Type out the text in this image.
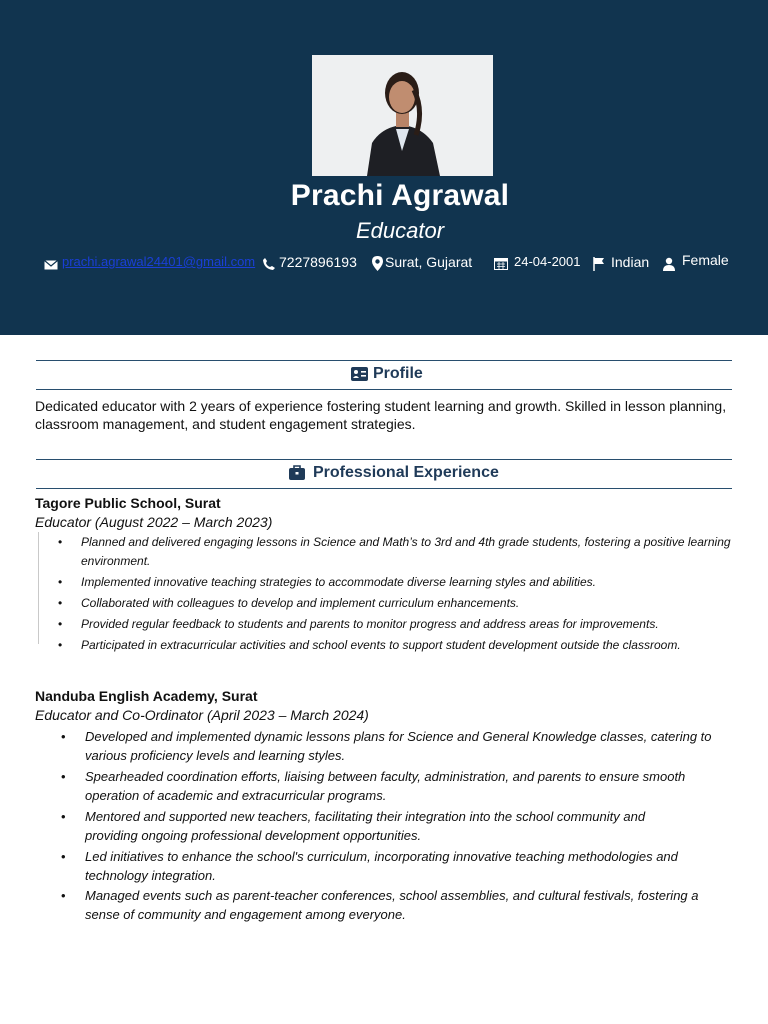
Prachi Agrawal
Educator
prachi.agrawal24401@gmail.com 7227896193 Surat, Gujarat	24-04-2001 Indian Female
Profile
Dedicated educator with 2 years of experience fostering student learning and growth. Skilled in lesson planning,
classroom management, and student engagement strategies.
Professional Experience
Tagore Public School, Surat
Educator (August 2022 – March 2023)
• Planned and delivered engaging lessons in Science and Math’s to 3rd and 4th grade students, fostering a positive learning
environment.
• Implemented innovative teaching strategies to accommodate diverse learning styles and abilities.
• Collaborated with colleagues to develop and implement curriculum enhancements.
• Provided regular feedback to students and parents to monitor progress and address areas for improvements.
• Participated in extracurricular activities and school events to support student development outside the classroom.
Nanduba English Academy, Surat
Educator and Co-Ordinator (April 2023 – March 2024)
• Developed and implemented dynamic lessons plans for Science and General Knowledge classes, catering to
various proficiency levels and learning styles.
• Spearheaded coordination efforts, liaising between faculty, administration, and parents to ensure smooth
operation of academic and extracurricular programs.
• Mentored and supported new teachers, facilitating their integration into the school community and
providing ongoing professional development opportunities.
• Led initiatives to enhance the school's curriculum, incorporating innovative teaching methodologies and
technology integration.
• Managed events such as parent-teacher conferences, school assemblies, and cultural festivals, fostering a
sense of community and engagement among everyone.
